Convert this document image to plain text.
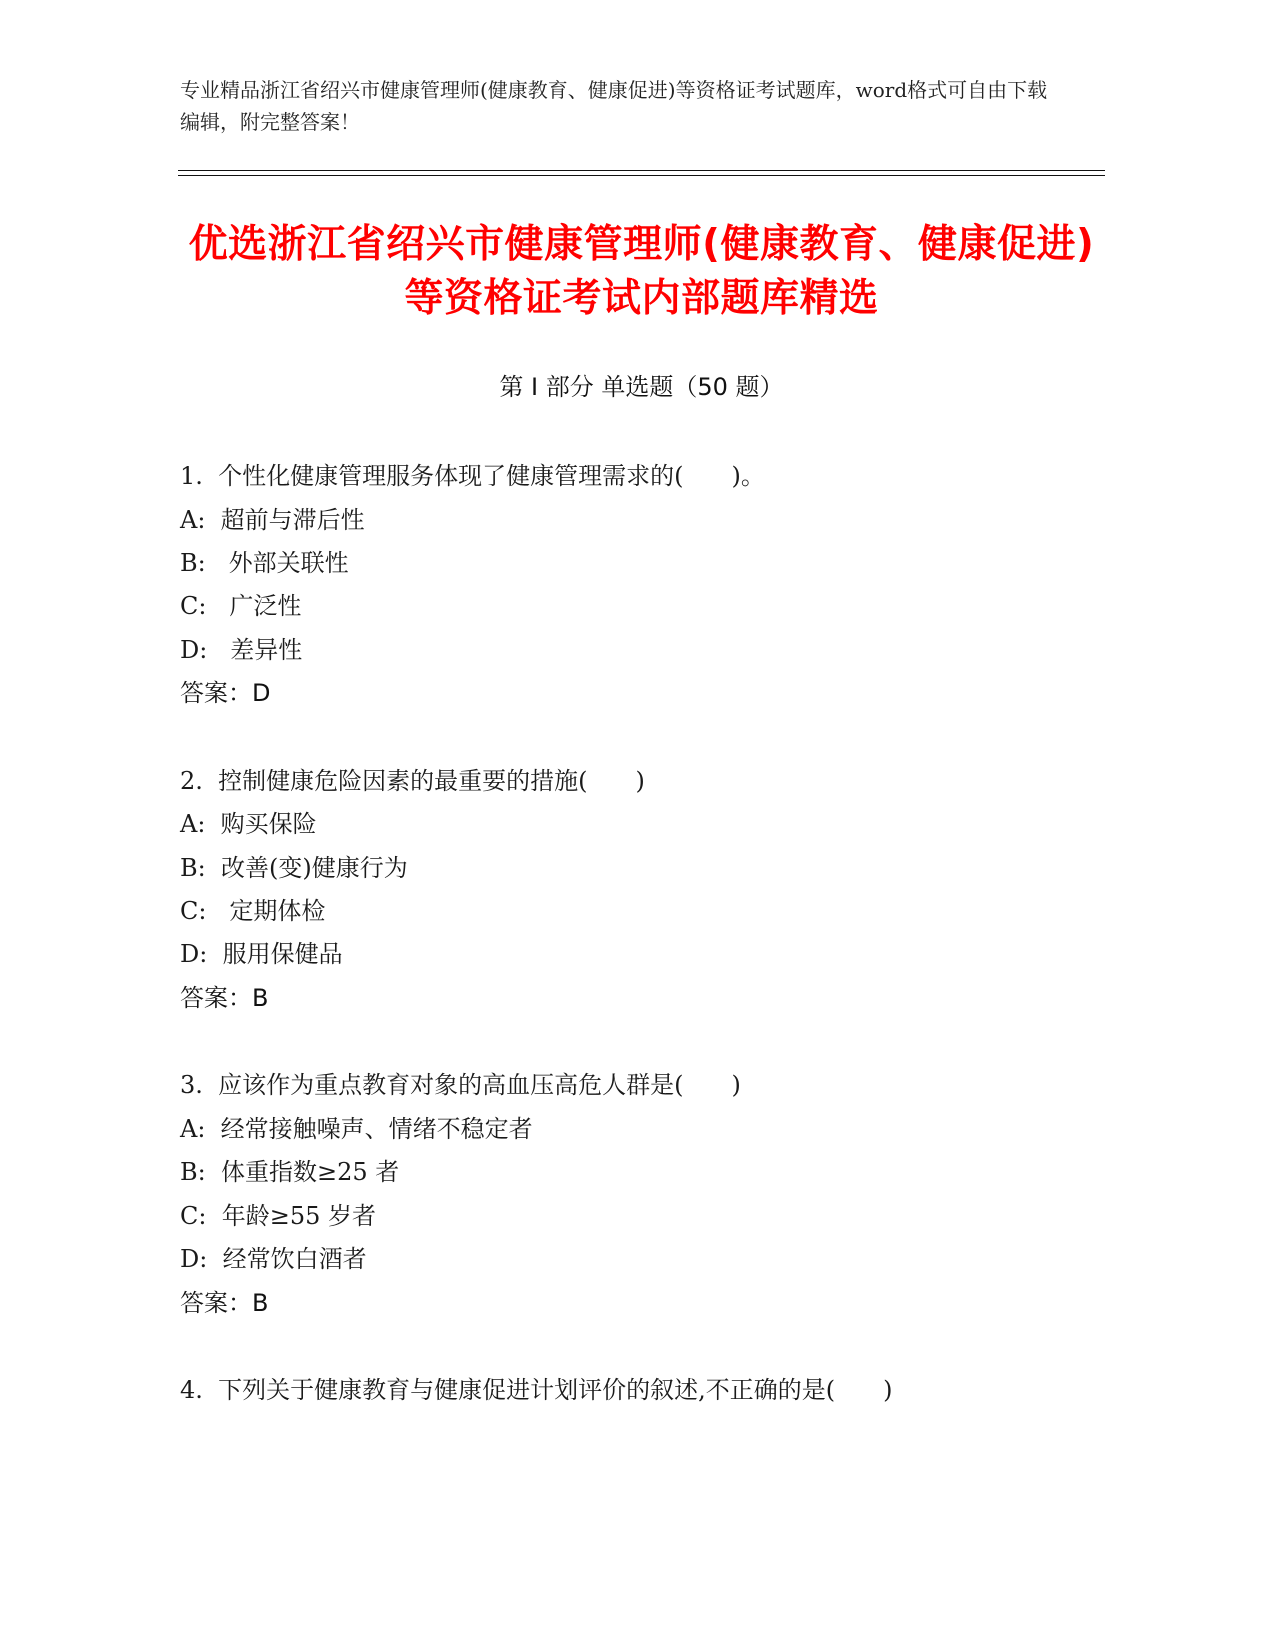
专业精品浙江省绍兴市健康管理师(健康教育、健康促进)等资格证考试题库，word格式可自由下载编辑，附完整答案！
优选浙江省绍兴市健康管理师(健康教育、健康促进)等资格证考试内部题库精选
第 I 部分 单选题（50 题）
1.  个性化健康管理服务体现了健康管理需求的(　　)。
A:  超前与滞后性
B:   外部关联性
C:   广泛性
D:   差异性
答案：D
2.  控制健康危险因素的最重要的措施(　　)
A:  购买保险
B:  改善(变)健康行为
C:   定期体检
D:  服用保健品
答案：B
3.  应该作为重点教育对象的高血压高危人群是(　　)
A:  经常接触噪声、情绪不稳定者
B:  体重指数≥25 者
C:  年龄≥55 岁者
D:  经常饮白酒者
答案：B
4.  下列关于健康教育与健康促进计划评价的叙述,不正确的是(　　)
